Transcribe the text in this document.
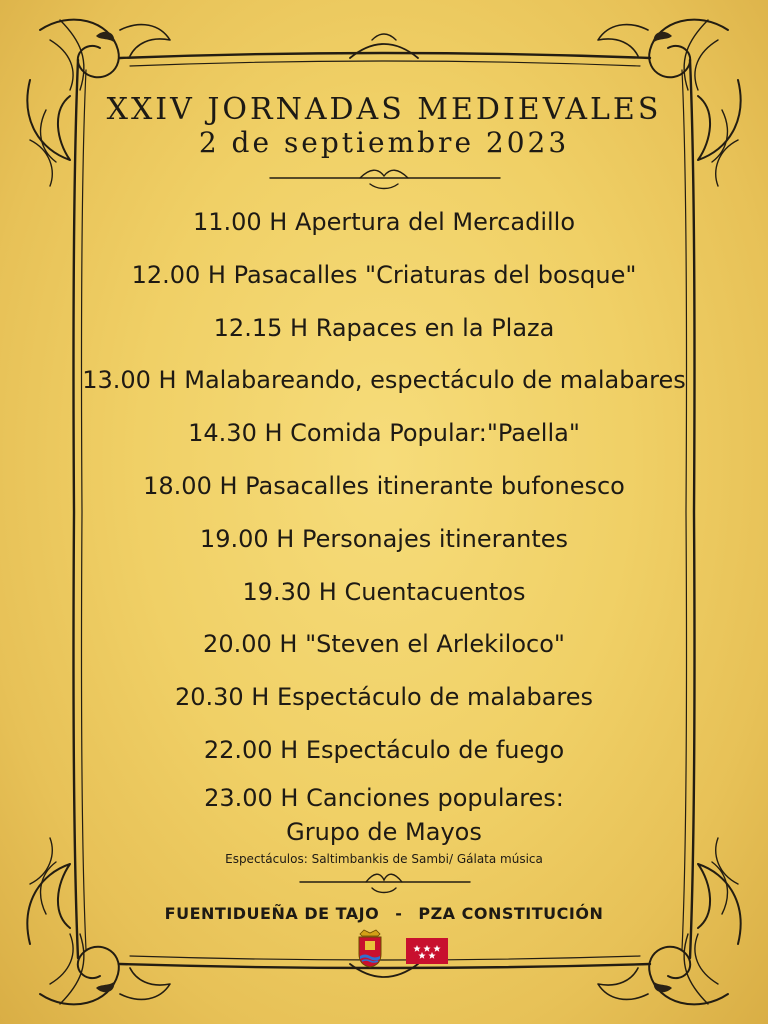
XXIV JORNADAS MEDIEVALES
2 de septiembre 2023
11.00 H Apertura del Mercadillo
12.00 H Pasacalles "Criaturas del bosque"
12.15 H Rapaces en la Plaza
13.00 H Malabareando, espectáculo de malabares
14.30 H Comida Popular:"Paella"
18.00 H Pasacalles itinerante bufonesco
19.00 H Personajes itinerantes
19.30 H Cuentacuentos
20.00 H "Steven el Arlekiloco"
20.30 H Espectáculo de malabares
22.00 H Espectáculo de fuego
23.00 H Canciones populares:
Grupo de Mayos
Espectáculos: Saltimbankis de Sambi/ Gálata música
FUENTIDUEÑA DE TAJO - PZA CONSTITUCIÓN
